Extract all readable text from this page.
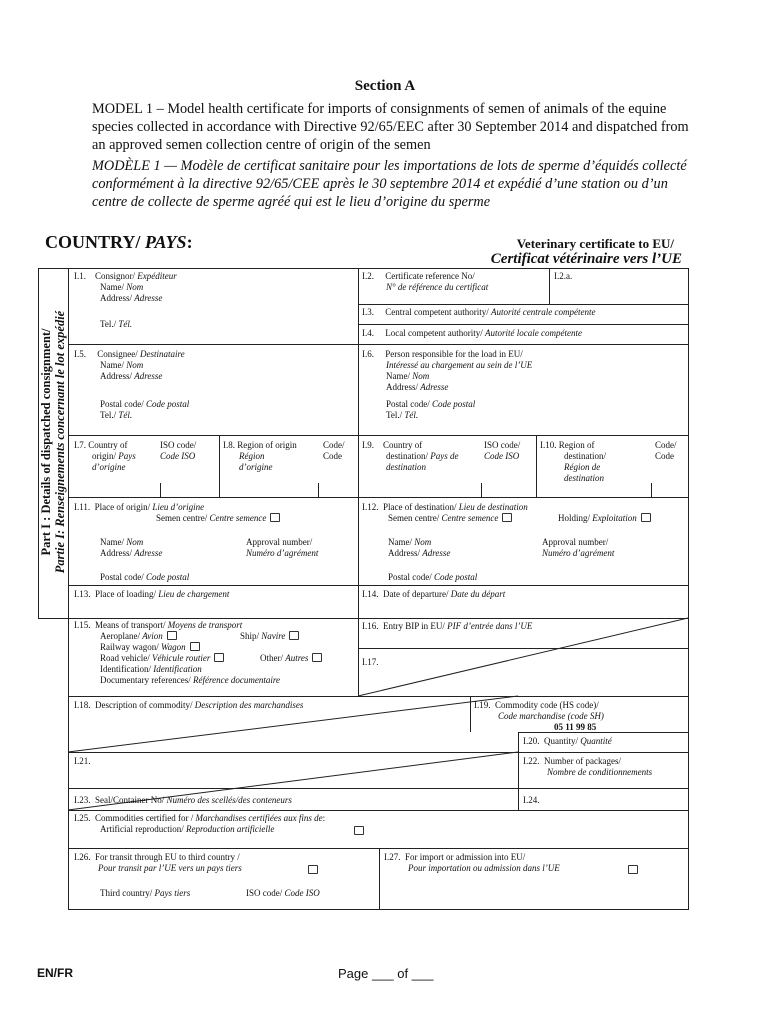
Section A
MODEL 1 – Model health certificate for imports of consignments of semen of animals of the equine species collected in accordance with Directive 92/65/EEC after 30 September 2014 and dispatched from an approved semen collection centre of origin of the semen
MODÈLE 1 — Modèle de certificat sanitaire pour les importations de lots de sperme d’équidés collecté conformément à la directive 92/65/CEE après le 30 septembre 2014 et expédié d’une station ou d’un centre de collecte de sperme agréé qui est le lieu d’origine du sperme
COUNTRY/ PAYS:	Veterinary certificate to EU/
Certificat vétérinaire vers l’UE
Part I : Details of dispatched consignment/ Partie I: Renseignements concernant le lot expédié
I.1. Consignor/ Expéditeur
Name/ Nom
Address/ Adresse
Tel./ Tél.
I.2. Certificate reference No/
N° de référence du certificat
I.2.a.
I.3. Central competent authority/ Autorité centrale compétente
I.4. Local competent authority/ Autorité locale compétente
I.5. Consignee/ Destinataire
Name/ Nom
Address/ Adresse
Postal code/ Code postal
Tel./ Tél.
I.6. Person responsible for the load in EU/
Intéressé au chargement au sein de l’UE
Name/ Nom
Address/ Adresse
Postal code/ Code postal
Tel./ Tél.
I.7. Country of
origin/ Pays
d’origine
ISO code/
Code ISO
I.8. Region of origin
Région
d’origine
Code/
Code
I.9. Country of
destination/ Pays de
destination
ISO code/
Code ISO
I.10. Region of
destination/
Région de
destination
Code/
Code
I.11. Place of origin/ Lieu d’origine
Semen centre/ Centre semence
Name/ Nom	Approval number/
Address/ Adresse	Numéro d’agrément
Postal code/ Code postal
I.12. Place of destination/ Lieu de destination
Semen centre/ Centre semence	Holding/ Exploitation
Name/ Nom	Approval number/
Address/ Adresse	Numéro d’agrément
Postal code/ Code postal
I.13. Place of loading/ Lieu de chargement	I.14. Date of departure/ Date du départ
I.15. Means of transport/ Moyens de transport
Aeroplane/ Avion	Ship/ Navire
Railway wagon/ Wagon
Road vehicle/ Véhicule routier	Other/ Autres
Identification/ Identification
Documentary references/ Référence documentaire
I.16. Entry BIP in EU/ PIF d’entrée dans l’UE
I.17.
I.18. Description of commodity/ Description des marchandises	I.19. Commodity code (HS code)/
Code marchandise (code SH)
05 11 99 85
I.20. Quantity/ Quantité
I.21.	I.22. Number of packages/
Nombre de conditionnements
I.23. Seal/Container No/ Numéro des scellés/des conteneurs	I.24.
I.25. Commodities certified for / Marchandises certifiées aux fins de:
Artificial reproduction/ Reproduction artificielle
I.26. For transit through EU to third country /
Pour transit par l’UE vers un pays tiers
Third country/ Pays tiers	ISO code/ Code ISO
I.27. For import or admission into EU/
Pour importation ou admission dans l’UE
EN/FR	Page ___ of ___
